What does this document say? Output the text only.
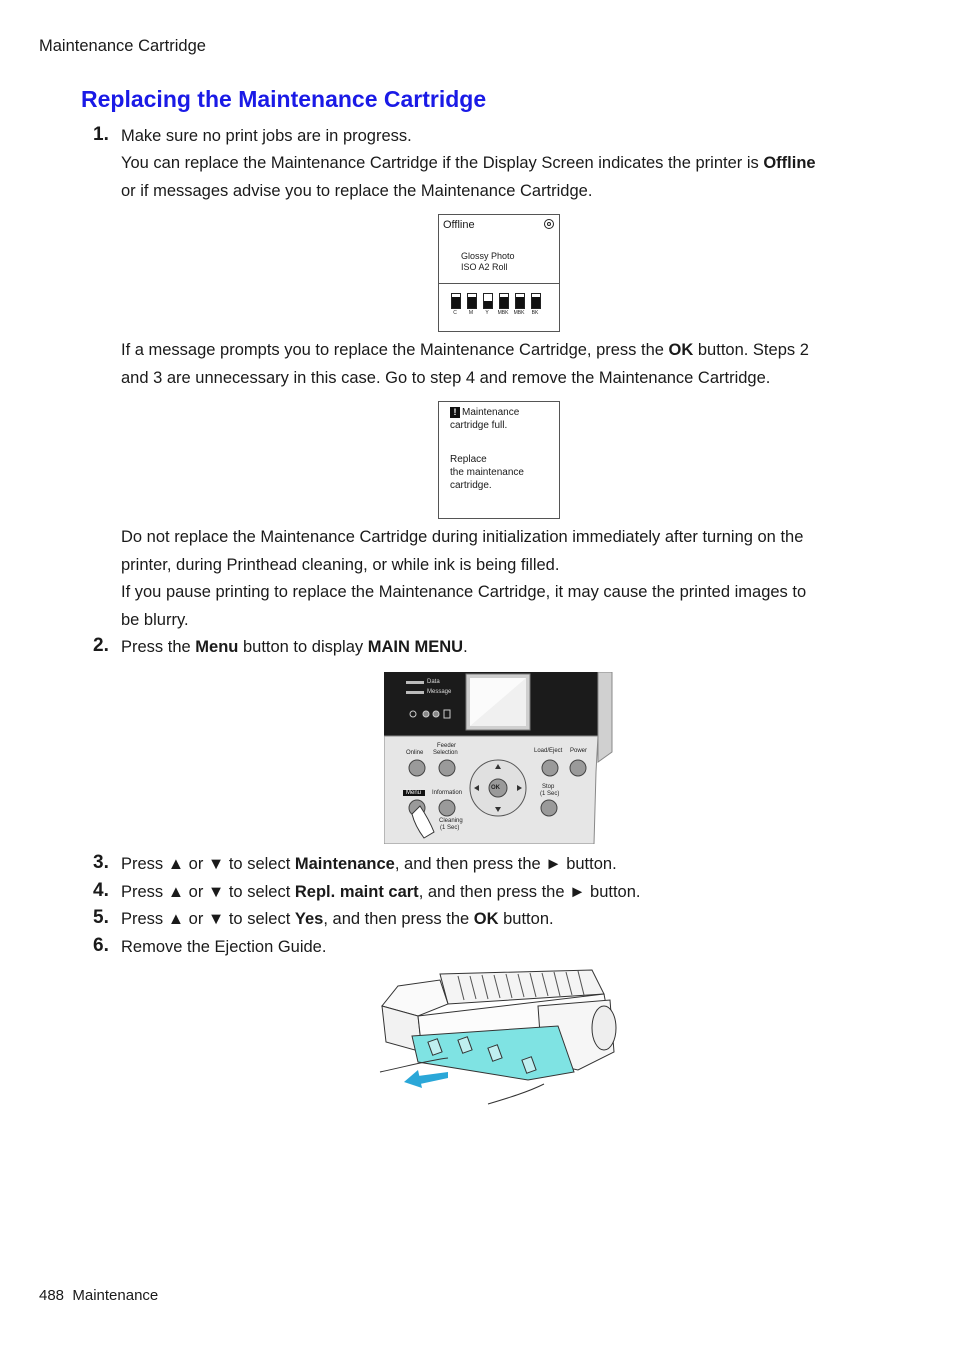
Maintenance Cartridge
Replacing the Maintenance Cartridge
1. Make sure no print jobs are in progress.
You can replace the Maintenance Cartridge if the Display Screen indicates the printer is Offline
or if messages advise you to replace the Maintenance Cartridge.
Offline
Glossy Photo
ISO A2 Roll
C	M	Y	MBK MBK	BK
If a message prompts you to replace the Maintenance Cartridge, press the OK button. Steps 2
and 3 are unnecessary in this case. Go to step 4 and remove the Maintenance Cartridge.
! Maintenance
cartridge full.
Replace
the maintenance
cartridge.
Do not replace the Maintenance Cartridge during initialization immediately after turning on the
printer, during Printhead cleaning, or while ink is being filled.
If you pause printing to replace the Maintenance Cartridge, it may cause the printed images to
be blurry.
2. Press the Menu button to display MAIN MENU.
Data
Message
Feeder
Selection
Online	Load/Eject Power
Menu Information
OK	Stop
(1 Sec)
Cleaning
(1 Sec)
3. Press ▲ or ▼ to select Maintenance, and then press the ► button.
4. Press ▲ or ▼ to select Repl. maint cart, and then press the ► button.
5. Press ▲ or ▼ to select Yes, and then press the OK button.
6. Remove the Ejection Guide.
488 Maintenance
